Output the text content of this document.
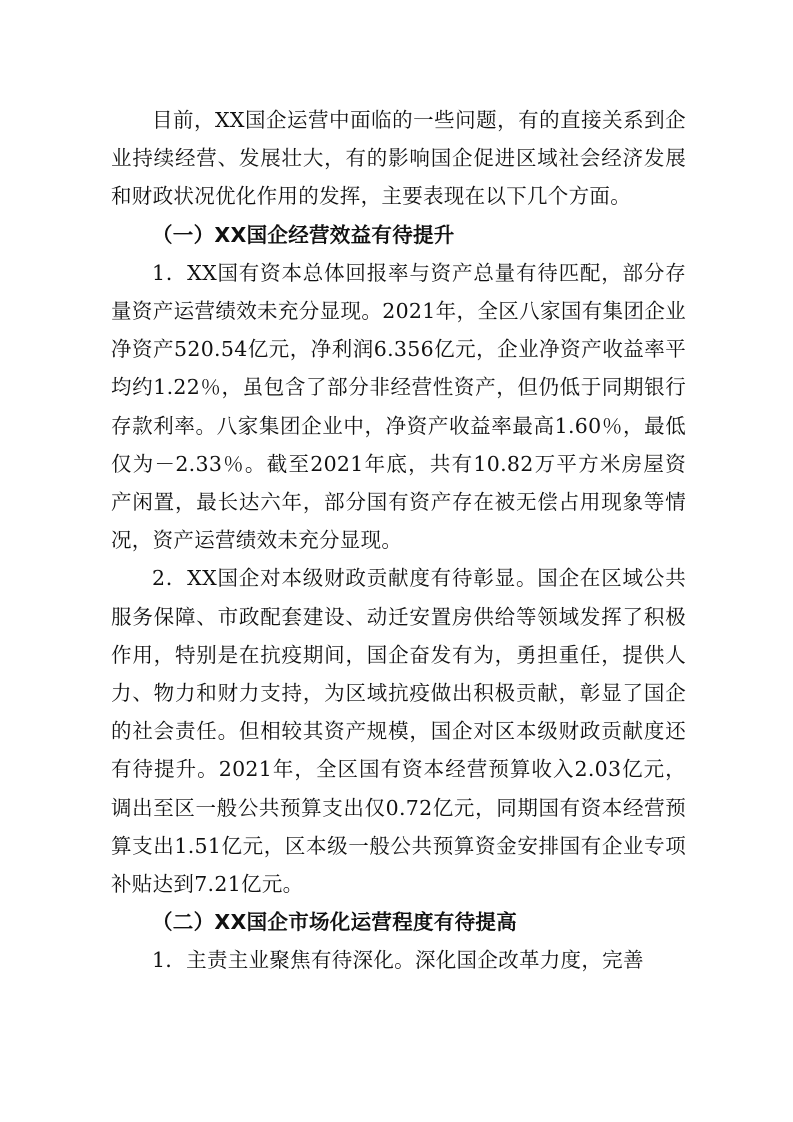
目前，XX国企运营中面临的一些问题，有的直接关系到企业持续经营、发展壮大，有的影响国企促进区域社会经济发展和财政状况优化作用的发挥，主要表现在以下几个方面。

（一）XX国企经营效益有待提升

1．XX国有资本总体回报率与资产总量有待匹配，部分存量资产运营绩效未充分显现。2021年，全区八家国有集团企业净资产520.54亿元，净利润6.356亿元，企业净资产收益率平均约1.22％，虽包含了部分非经营性资产，但仍低于同期银行存款利率。八家集团企业中，净资产收益率最高1.60％，最低仅为－2.33％。截至2021年底，共有10.82万平方米房屋资产闲置，最长达六年，部分国有资产存在被无偿占用现象等情况，资产运营绩效未充分显现。

2．XX国企对本级财政贡献度有待彰显。国企在区域公共服务保障、市政配套建设、动迁安置房供给等领域发挥了积极作用，特别是在抗疫期间，国企奋发有为，勇担重任，提供人力、物力和财力支持，为区域抗疫做出积极贡献，彰显了国企的社会责任。但相较其资产规模，国企对区本级财政贡献度还有待提升。2021年，全区国有资本经营预算收入2.03亿元，调出至区一般公共预算支出仅0.72亿元，同期国有资本经营预算支出1.51亿元，区本级一般公共预算资金安排国有企业专项补贴达到7.21亿元。

（二）XX国企市场化运营程度有待提高

1．主责主业聚焦有待深化。深化国企改革力度，完善
